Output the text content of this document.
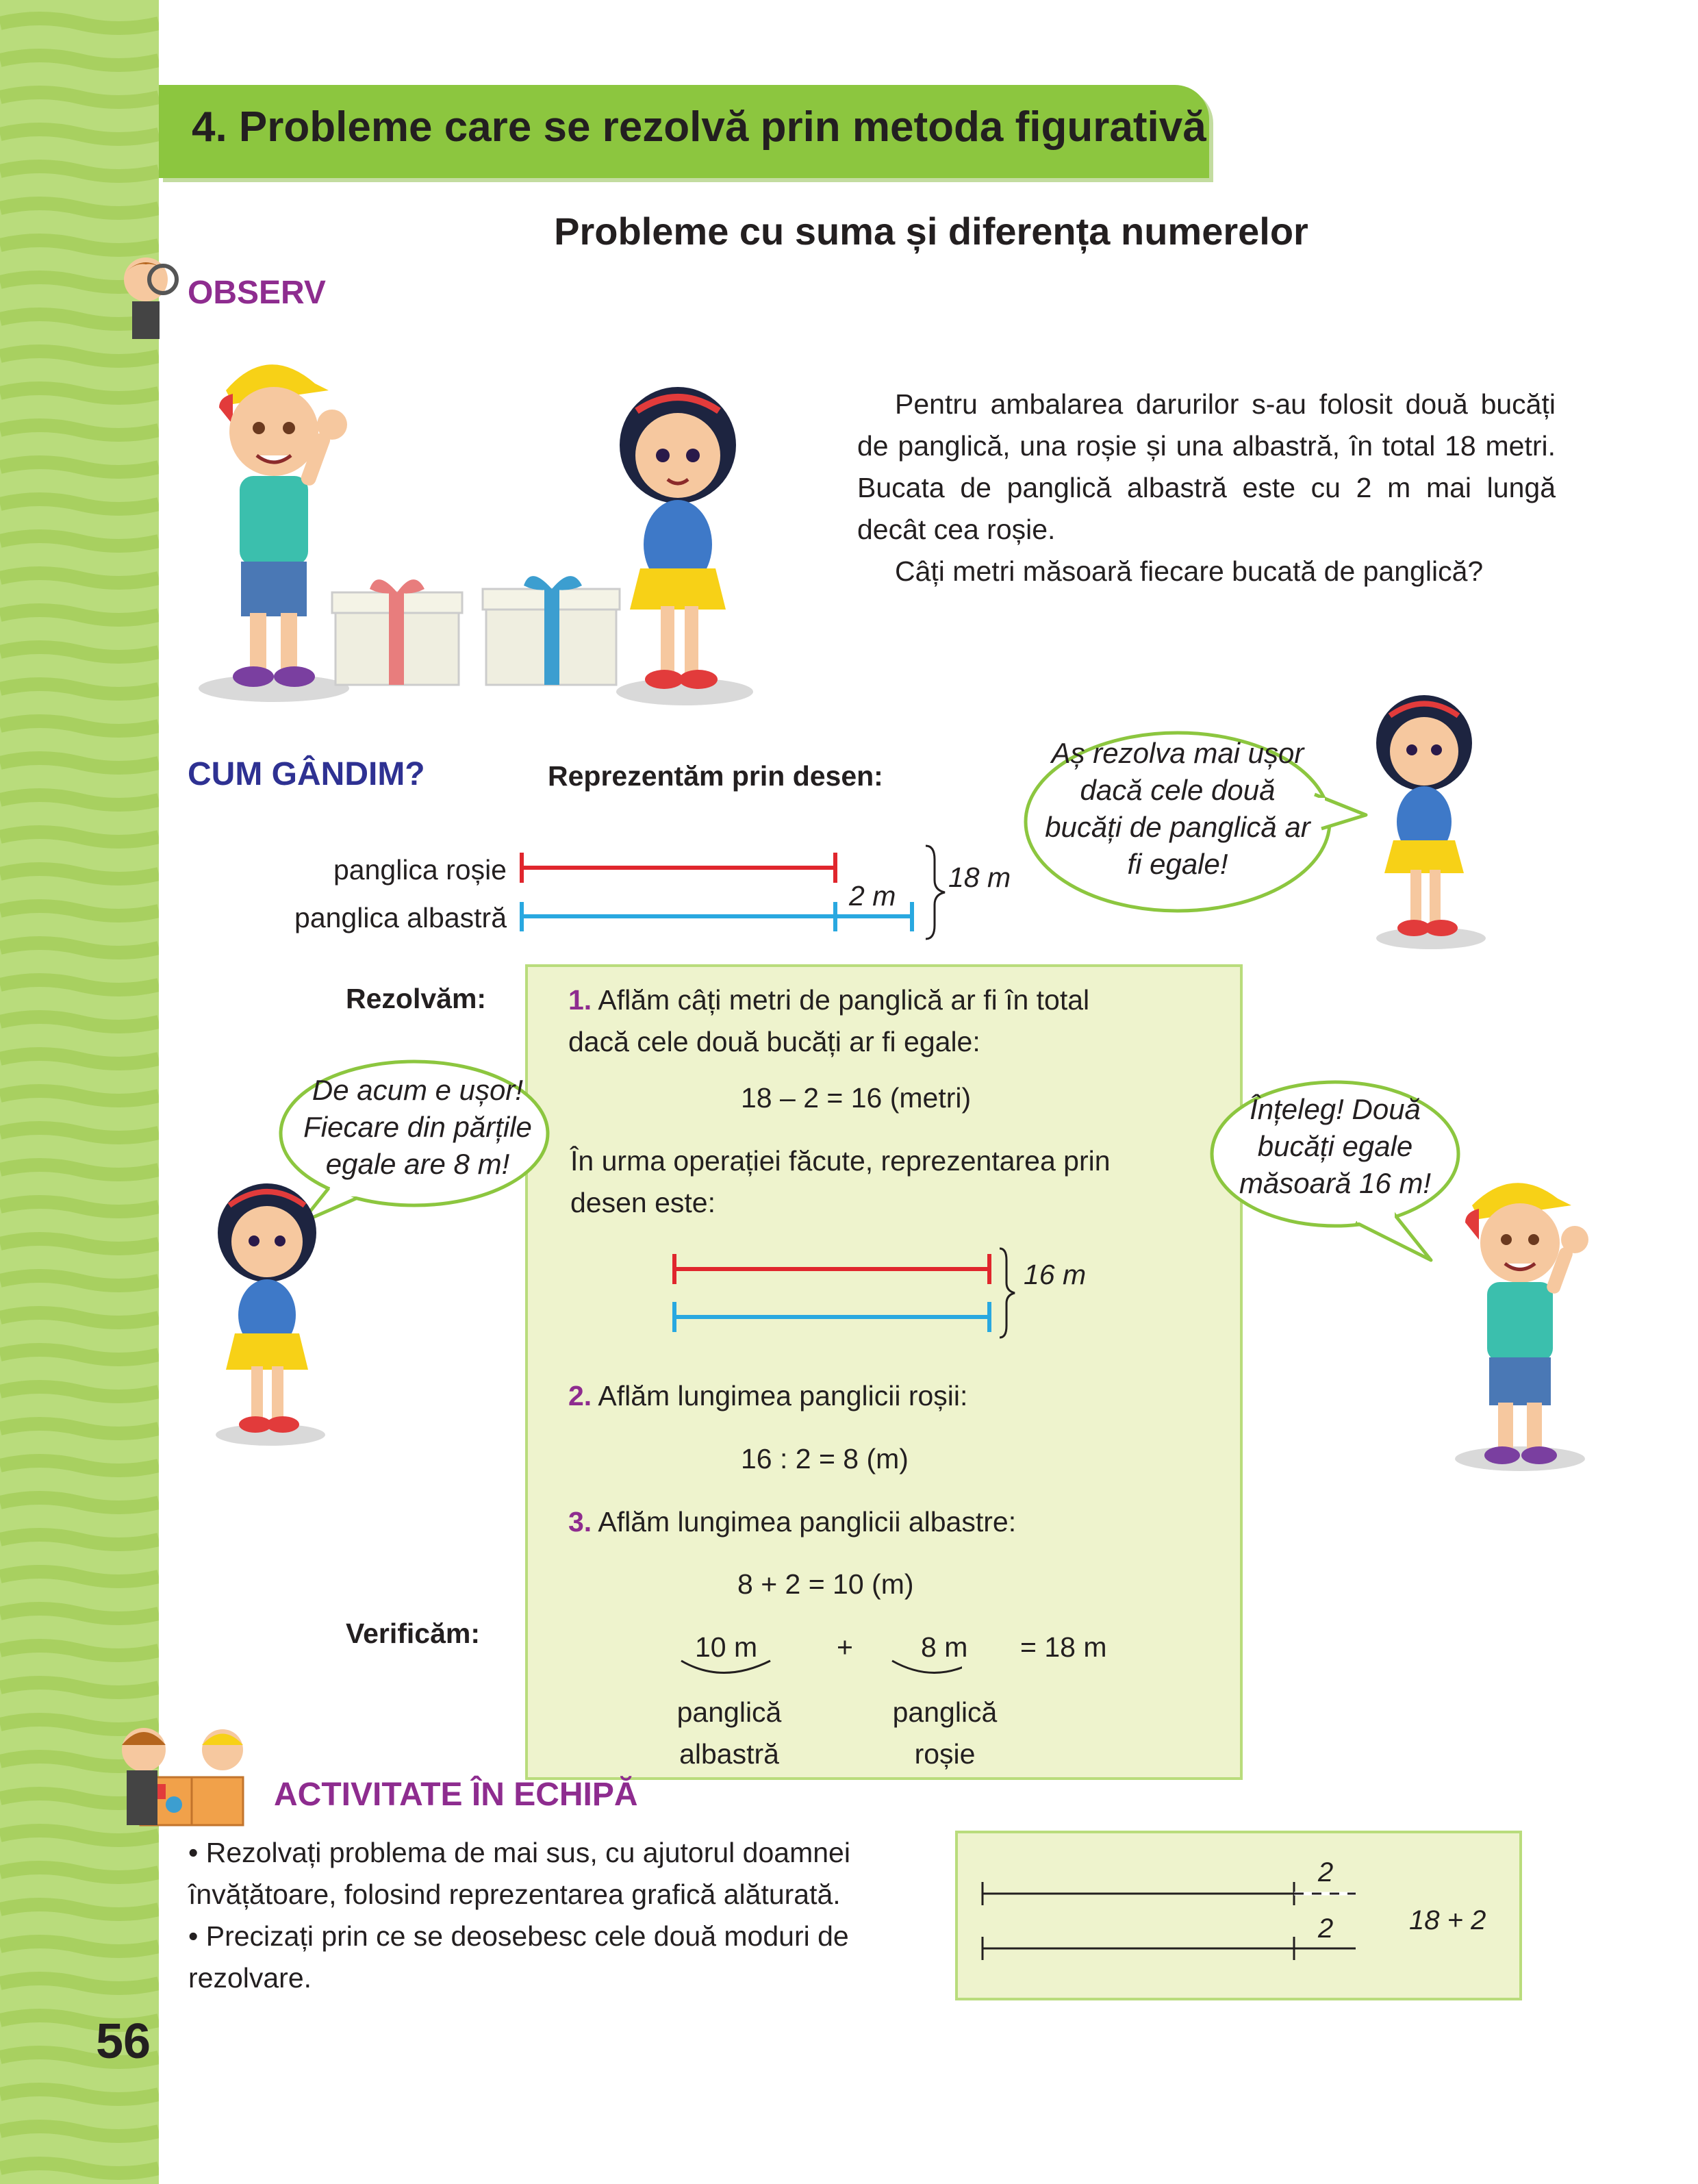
4. Probleme care se rezolvă prin metoda figurativă
Probleme cu suma și diferența numerelor
OBSERV
Pentru ambalarea darurilor s-au folosit două bucăți de panglică, una roșie și una albastră, în total 18 metri. Bucata de panglică albastră este cu 2 m mai lungă decât cea roșie.
Câți metri măsoară fiecare bucată de panglică?
CUM GÂNDIM?	Reprezentăm prin desen:
panglica roșie
panglica albastră
2 m
18 m
Aș rezolva mai ușor dacă cele două bucăți de panglică ar fi egale!
Rezolvăm:	1. Aflăm câți metri de panglică ar fi în total
dacă cele două bucăți ar fi egale:
18 – 2 = 16 (metri)
În urma operației făcute, reprezentarea prin
desen este:
16 m
2. Aflăm lungimea panglicii roșii:
16 : 2 = 8 (m)
3. Aflăm lungimea panglicii albastre:
8 + 2 = 10 (m)
Verificăm:	10 m	+ 8 m = 18 m
panglică
albastră
panglică
roșie
De acum e ușor! Fiecare din părțile egale are 8 m!
Înțeleg! Două bucăți egale măsoară 16 m!
ACTIVITATE ÎN ECHIPĂ
• Rezolvați problema de mai sus, cu ajutorul doamnei învățătoare, folosind reprezentarea grafică alăturată.
• Precizați prin ce se deosebesc cele două moduri de rezolvare.
2
2	18 + 2
56
